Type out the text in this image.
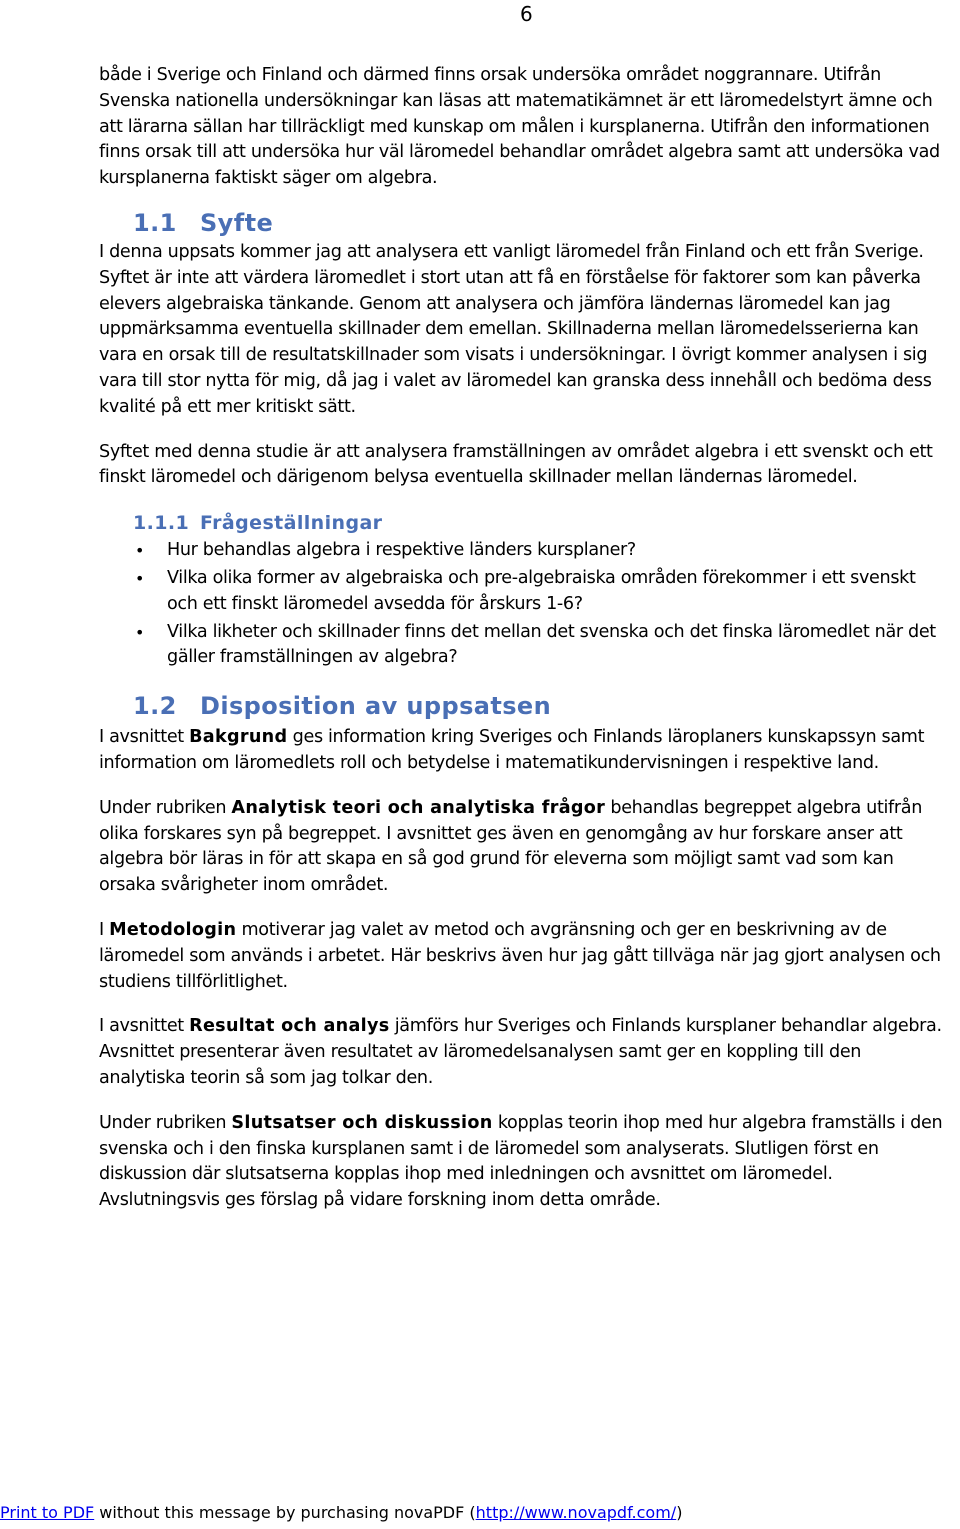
6

både i Sverige och Finland och därmed finns orsak undersöka området noggrannare. Utifrån Svenska nationella undersökningar kan läsas att matematikämnet är ett läromedelstyrt ämne och att lärarna sällan har tillräckligt med kunskap om målen i kursplanerna. Utifrån den informationen finns orsak till att undersöka hur väl läromedel behandlar området algebra samt att undersöka vad kursplanerna faktiskt säger om algebra.

1.1 Syfte

I denna uppsats kommer jag att analysera ett vanligt läromedel från Finland och ett från Sverige. Syftet är inte att värdera läromedlet i stort utan att få en förståelse för faktorer som kan påverka elevers algebraiska tänkande. Genom att analysera och jämföra ländernas läromedel kan jag uppmärksamma eventuella skillnader dem emellan. Skillnaderna mellan läromedelsserierna kan vara en orsak till de resultatskillnader som visats i undersökningar. I övrigt kommer analysen i sig vara till stor nytta för mig, då jag i valet av läromedel kan granska dess innehåll och bedöma dess kvalité på ett mer kritiskt sätt.

Syftet med denna studie är att analysera framställningen av området algebra i ett svenskt och ett finskt läromedel och därigenom belysa eventuella skillnader mellan ländernas läromedel.

1.1.1 Frågeställningar
• Hur behandlas algebra i respektive länders kursplaner?
• Vilka olika former av algebraiska och pre-algebraiska områden förekommer i ett svenskt och ett finskt läromedel avsedda för årskurs 1-6?
• Vilka likheter och skillnader finns det mellan det svenska och det finska läromedlet när det gäller framställningen av algebra?
1.2 Disposition av uppsatsen

I avsnittet Bakgrund ges information kring Sveriges och Finlands läroplaners kunskapssyn samt information om läromedlets roll och betydelse i matematikundervisningen i respektive land.

Under rubriken Analytisk teori och analytiska frågor behandlas begreppet algebra utifrån olika forskares syn på begreppet. I avsnittet ges även en genomgång av hur forskare anser att algebra bör läras in för att skapa en så god grund för eleverna som möjligt samt vad som kan orsaka svårigheter inom området.

I Metodologin motiverar jag valet av metod och avgränsning och ger en beskrivning av de läromedel som används i arbetet. Här beskrivs även hur jag gått tillväga när jag gjort analysen och studiens tillförlitlighet.

I avsnittet Resultat och analys jämförs hur Sveriges och Finlands kursplaner behandlar algebra. Avsnittet presenterar även resultatet av läromedelsanalysen samt ger en koppling till den analytiska teorin så som jag tolkar den.

Under rubriken Slutsatser och diskussion kopplas teorin ihop med hur algebra framställs i den svenska och i den finska kursplanen samt i de läromedel som analyserats. Slutligen först en diskussion där slutsatserna kopplas ihop med inledningen och avsnittet om läromedel. Avslutningsvis ges förslag på vidare forskning inom detta område.

Print to PDF without this message by purchasing novaPDF (http://www.novapdf.com/)
